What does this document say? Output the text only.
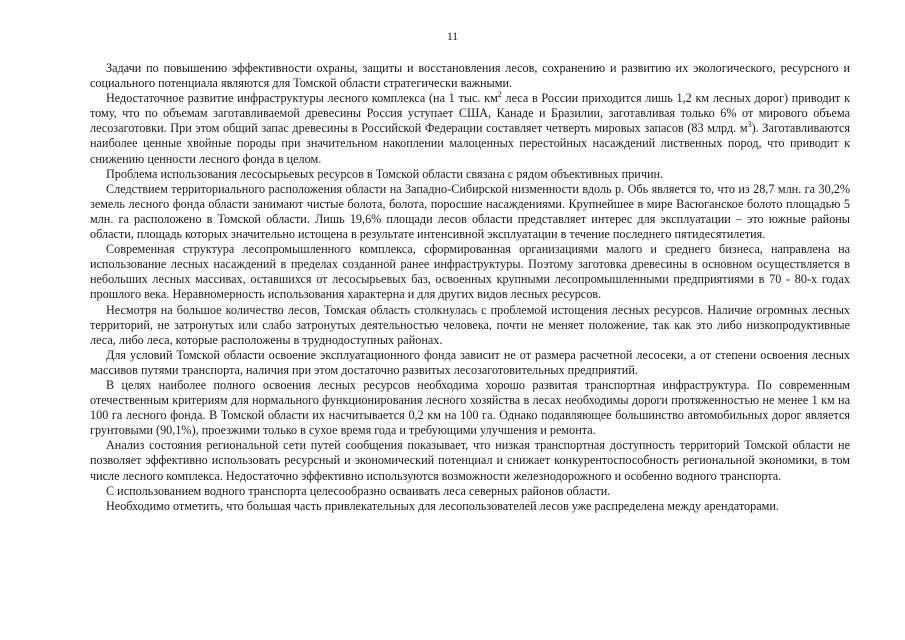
11

Задачи по повышению эффективности охраны, защиты и восстановления лесов, сохранению и развитию их экологического, ресурсного и социального потенциала являются для Томской области стратегически важными.

Недостаточное развитие инфраструктуры лесного комплекса (на 1 тыс. $км^2$ леса в России приходится лишь 1,2 км лесных дорог) приводит к тому, что по объемам заготавливаемой древесины Россия уступает США, Канаде и Бразилии, заготавливая только 6% от мирового объема лесозаготовки. При этом общий запас древесины в Российской Федерации составляет четверть мировых запасов (83 млрд. $м^3$). Заготавливаются наиболее ценные хвойные породы при значительном накоплении малоценных перестойных насаждений лиственных пород, что приводит к снижению ценности лесного фонда в целом.

Проблема использования лесосырьевых ресурсов в Томской области связана с рядом объективных причин.

Следствием территориального расположения области на Западно-Сибирской низменности вдоль р. Обь является то, что из 28,7 млн. га 30,2% земель лесного фонда области занимают чистые болота, болота, поросшие насаждениями. Крупнейшее в мире Васюганское болото площадью 5 млн. га расположено в Томской области. Лишь 19,6% площади лесов области представляет интерес для эксплуатации – это южные районы области, площадь которых значительно истощена в результате интенсивной эксплуатации в течение последнего пятидесятилетия.

Современная структура лесопромышленного комплекса, сформированная организациями малого и среднего бизнеса, направлена на использование лесных насаждений в пределах созданной ранее инфраструктуры. Поэтому заготовка древесины в основном осуществляется в небольших лесных массивах, оставшихся от лесосырьевых баз, освоенных крупными лесопромышленными предприятиями в 70 - 80-х годах прошлого века. Неравномерность использования характерна и для других видов лесных ресурсов.

Несмотря на большое количество лесов, Томская область столкнулась с проблемой истощения лесных ресурсов. Наличие огромных лесных территорий, не затронутых или слабо затронутых деятельностью человека, почти не меняет положение, так как это либо низкопродуктивные леса, либо леса, которые расположены в труднодоступных районах.

Для условий Томской области освоение эксплуатационного фонда зависит не от размера расчетной лесосеки, а от степени освоения лесных массивов путями транспорта, наличия при этом достаточно развитых лесозаготовительных предприятий.

В целях наиболее полного освоения лесных ресурсов необходима хорошо развитая транспортная инфраструктура. По современным отечественным критериям для нормального функционирования лесного хозяйства в лесах необходимы дороги протяженностью не менее 1 км на 100 га лесного фонда. В Томской области их насчитывается 0,2 км на 100 га. Однако подавляющее большинство автомобильных дорог является грунтовыми (90,1%), проезжими только в сухое время года и требующими улучшения и ремонта.

Анализ состояния региональной сети путей сообщения показывает, что низкая транспортная доступность территорий Томской области не позволяет эффективно использовать ресурсный и экономический потенциал и снижает конкурентоспособность региональной экономики, в том числе лесного комплекса. Недостаточно эффективно используются возможности железнодорожного и особенно водного транспорта.

С использованием водного транспорта целесообразно осваивать леса северных районов области.

Необходимо отметить, что большая часть привлекательных для лесопользователей лесов уже распределена между арендаторами.
